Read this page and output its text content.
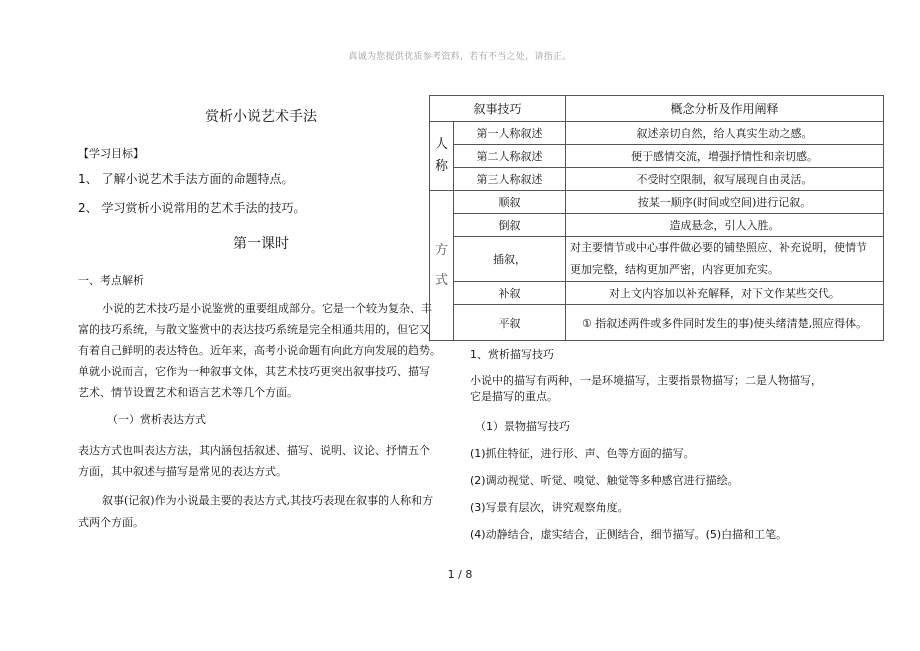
真诚为您提供优质参考资料，若有不当之处，请指正。
赏析小说艺术手法
【学习目标】
1、 了解小说艺术手法方面的命题特点。
2、 学习赏析小说常用的艺术手法的技巧。
第一课时
一、考点解析
小说的艺术技巧是小说鉴赏的重要组成部分。它是一个较为复杂、丰
富的技巧系统，与散文鉴赏中的表达技巧系统是完全相通共用的，但它又
有着自己鲜明的表达特色。近年来，高考小说命题有向此方向发展的趋势。
单就小说而言，它作为一种叙事文体，其艺术技巧更突出叙事技巧、描写
艺术、情节设置艺术和语言艺术等几个方面。
（一）赏析表达方式
表达方式也叫表达方法，其内涵包括叙述、描写、说明、议论、抒情五个
方面，其中叙述与描写是常见的表达方式。
叙事(记叙)作为小说最主要的表达方式,其技巧表现在叙事的人称和方
式两个方面。
叙事技巧		概念分析及作用阐释

人
称	第一人称叙述	叙述亲切自然，给人真实生动之感。
	第二人称叙述	便于感情交流，增强抒情性和亲切感。
	第三人称叙述	不受时空限制，叙写展现自由灵活。

方
式	顺叙	按某一顺序(时间或空间)进行记叙。
	倒叙	造成悬念，引人入胜。
	插叙，	对主要情节或中心事件做必要的铺垫照应、补充说明，使情节
更加完整，结构更加严密，内容更加充实。

	补叙	对上文内容加以补充解释，对下文作某些交代。
	平叙	① 指叙述两件或多件同时发生的事)使头绪清楚,照应得体。
1、赏析描写技巧
小说中的描写有两种，一是环境描写，主要指景物描写；二是人物描写，
它是描写的重点。
（1）景物描写技巧
(1)抓住特征，进行形、声、色等方面的描写。
(2)调动视觉、听觉、嗅觉、触觉等多种感官进行描绘。
(3)写景有层次，讲究观察角度。
(4)动静结合，虚实结合，正侧结合，细节描写。(5)白描和工笔。
1 / 8
